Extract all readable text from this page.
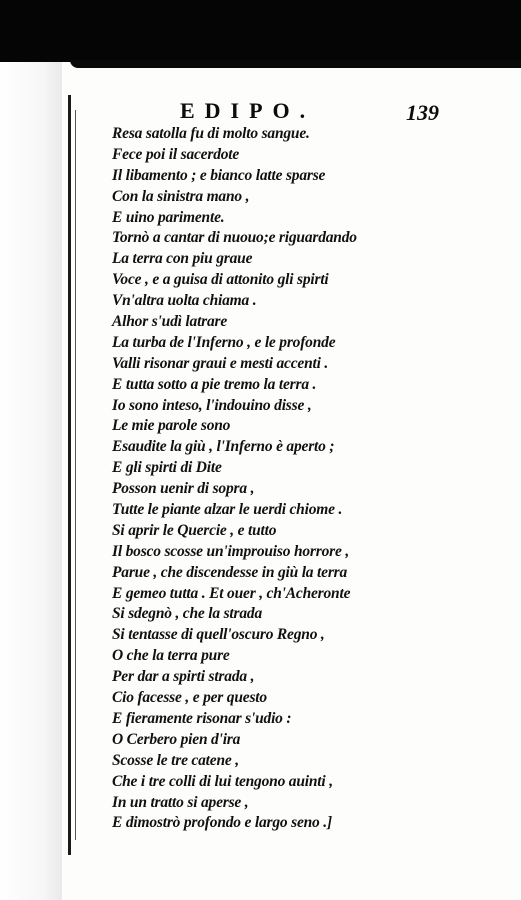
EDIPO.	139
Resa satolla fu di molto sangue.
Fece poi il sacerdote
Il libamento ; e bianco latte sparse
Con la sinistra mano ,
E uino parimente.
Tornò a cantar di nuouo;e riguardando
La terra con piu graue
Voce , e a guisa di attonito gli spirti
Vn'altra uolta chiama .
Alhor s'udì latrare
La turba de l'Inferno , e le profonde
Valli risonar graui e mesti accenti .
E tutta sotto a pie tremo la terra .
Io sono inteso, l'indouino disse ,
Le mie parole sono
Esaudite la giù , l'Inferno è aperto ;
E gli spirti di Dite
Posson uenir di sopra ,
Tutte le piante alzar le uerdi chiome .
Si aprir le Quercie , e tutto
Il bosco scosse un'improuiso horrore ,
Parue , che discendesse in giù la terra
E gemeo tutta . Et ouer , ch'Acheronte
Si sdegnò , che la strada
Si tentasse di quell'oscuro Regno ,
O che la terra pure
Per dar a spirti strada ,
Cio facesse , e per questo
E fieramente risonar s'udio :
O Cerbero pien d'ira
Scosse le tre catene ,
Che i tre colli di lui tengono auinti ,
In un tratto si aperse ,
E dimostrò profondo e largo seno .]
